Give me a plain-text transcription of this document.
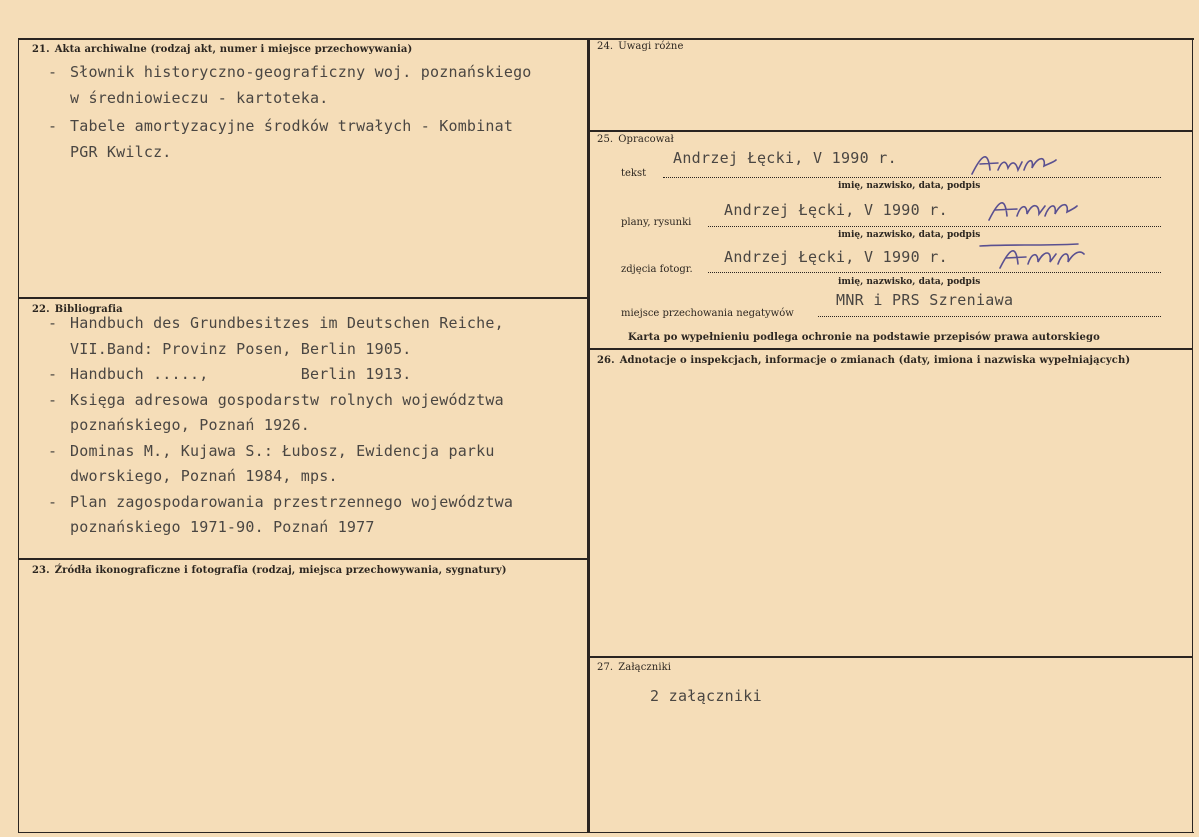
21. Akta archiwalne (rodzaj akt, numer i miejsce przechowywania)
- Słownik historyczno-geograficzny woj. poznańskiego
w średniowieczu - kartoteka.
- Tabele amortyzacyjne środków trwałych - Kombinat
PGR Kwilcz.
22. Bibliografia
- Handbuch des Grundbesitzes im Deutschen Reiche,
VII.Band: Provinz Posen, Berlin 1905.
- Handbuch .....,          Berlin 1913.
- Księga adresowa gospodarstw rolnych województwa
poznańskiego, Poznań 1926.
- Dominas M., Kujawa S.: Łubosz, Ewidencja parku
dworskiego, Poznań 1984, mps.
- Plan zagospodarowania przestrzennego województwa
poznańskiego 1971-90. Poznań 1977
23. Źródła ikonograficzne i fotografia (rodzaj, miejsca przechowywania, sygnatury)
24. Uwagi różne
25. Opracował
tekst
Andrzej Łęcki, V 1990 r.
imię, nazwisko, data, podpis
plany, rysunki
Andrzej Łęcki, V 1990 r.
imię, nazwisko, data, podpis
zdjęcia fotogr.
Andrzej Łęcki, V 1990 r.
imię, nazwisko, data, podpis
miejsce przechowania negatywów
MNR i PRS Szreniawa
Karta po wypełnieniu podlega ochronie na podstawie przepisów prawa autorskiego
26. Adnotacje o inspekcjach, informacje o zmianach (daty, imiona i nazwiska wypełniających)
27. Załączniki
2 załączniki
